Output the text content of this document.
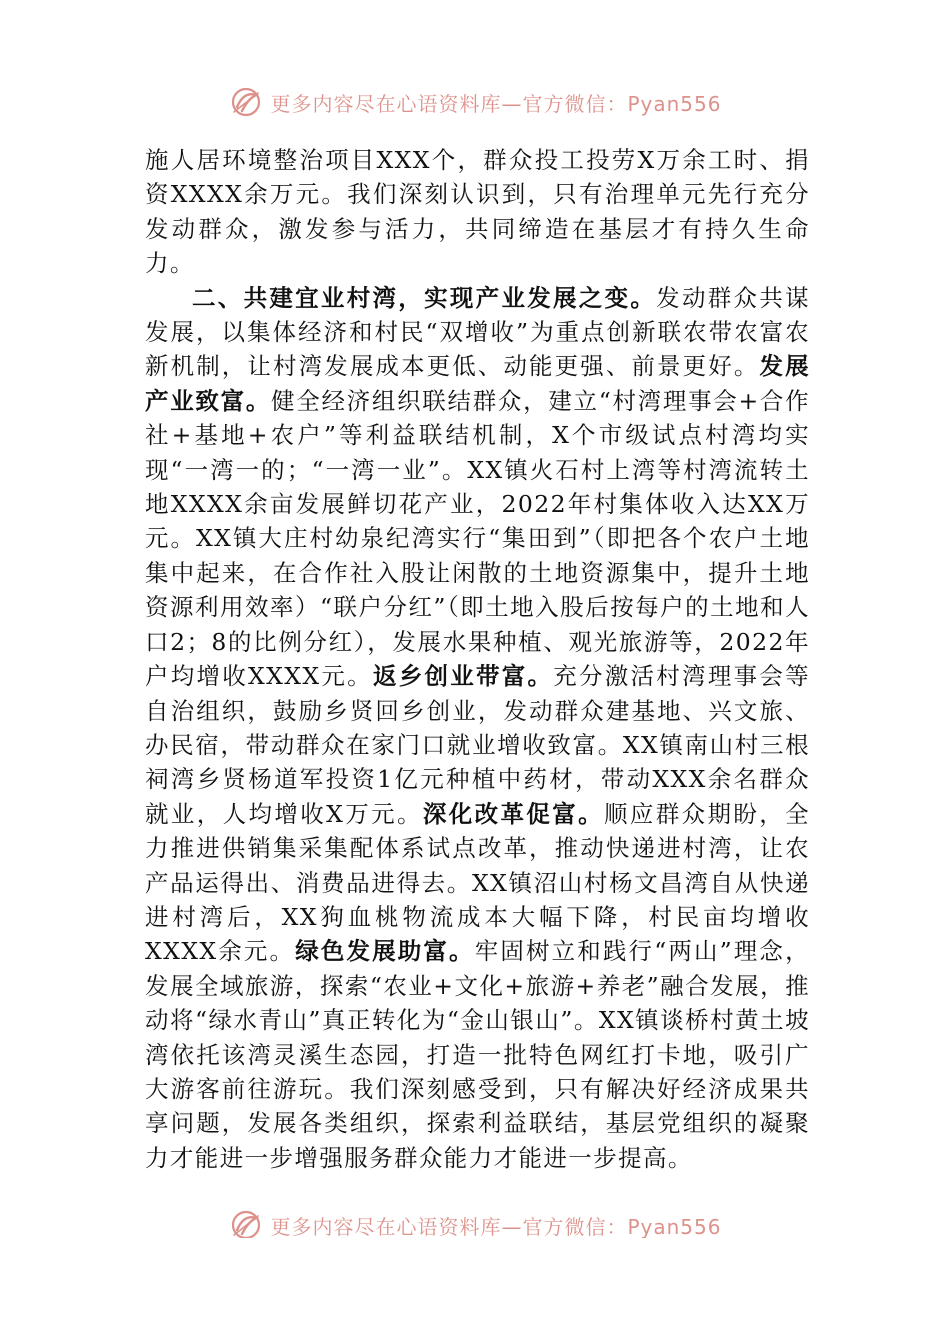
更多内容尽在心语资料库—官方微信：Pyan556

施人居环境整治项目XXX个，群众投工投劳X万余工时、捐资XXXX余万元。我们深刻认识到，只有治理单元先行充分发动群众，激发参与活力，共同缔造在基层才有持久生命力。

二、共建宜业村湾，实现产业发展之变。发动群众共谋发展，以集体经济和村民“双增收”为重点创新联农带农富农新机制，让村湾发展成本更低、动能更强、前景更好。发展产业致富。健全经济组织联结群众，建立“村湾理事会+合作社+基地+农户”等利益联结机制，X个市级试点村湾均实现“一湾一的；“一湾一业”。XX镇火石村上湾等村湾流转土地XXXX余亩发展鲜切花产业，2022年村集体收入达XX万元。XX镇大庄村幼泉纪湾实行“集田到”（即把各个农户土地集中起来，在合作社入股让闲散的土地资源集中，提升土地资源利用效率）“联户分红”（即土地入股后按每户的土地和人口2；8的比例分红），发展水果种植、观光旅游等，2022年户均增收XXXX元。返乡创业带富。充分激活村湾理事会等自治组织，鼓励乡贤回乡创业，发动群众建基地、兴文旅、办民宿，带动群众在家门口就业增收致富。XX镇南山村三根祠湾乡贤杨道军投资1亿元种植中药材，带动XXX余名群众就业，人均增收X万元。深化改革促富。顺应群众期盼，全力推进供销集采集配体系试点改革，推动快递进村湾，让农产品运得出、消费品进得去。XX镇沼山村杨文昌湾自从快递进村湾后，XX狗血桃物流成本大幅下降，村民亩均增收XXXX余元。绿色发展助富。牢固树立和践行“两山”理念，发展全域旅游，探索“农业+文化+旅游+养老”融合发展，推动将“绿水青山”真正转化为“金山银山”。XX镇谈桥村黄土坡湾依托该湾灵溪生态园，打造一批特色网红打卡地，吸引广大游客前往游玩。我们深刻感受到，只有解决好经济成果共享问题，发展各类组织，探索利益联结，基层党组织的凝聚力才能进一步增强服务群众能力才能进一步提高。

更多内容尽在心语资料库—官方微信：Pyan556
